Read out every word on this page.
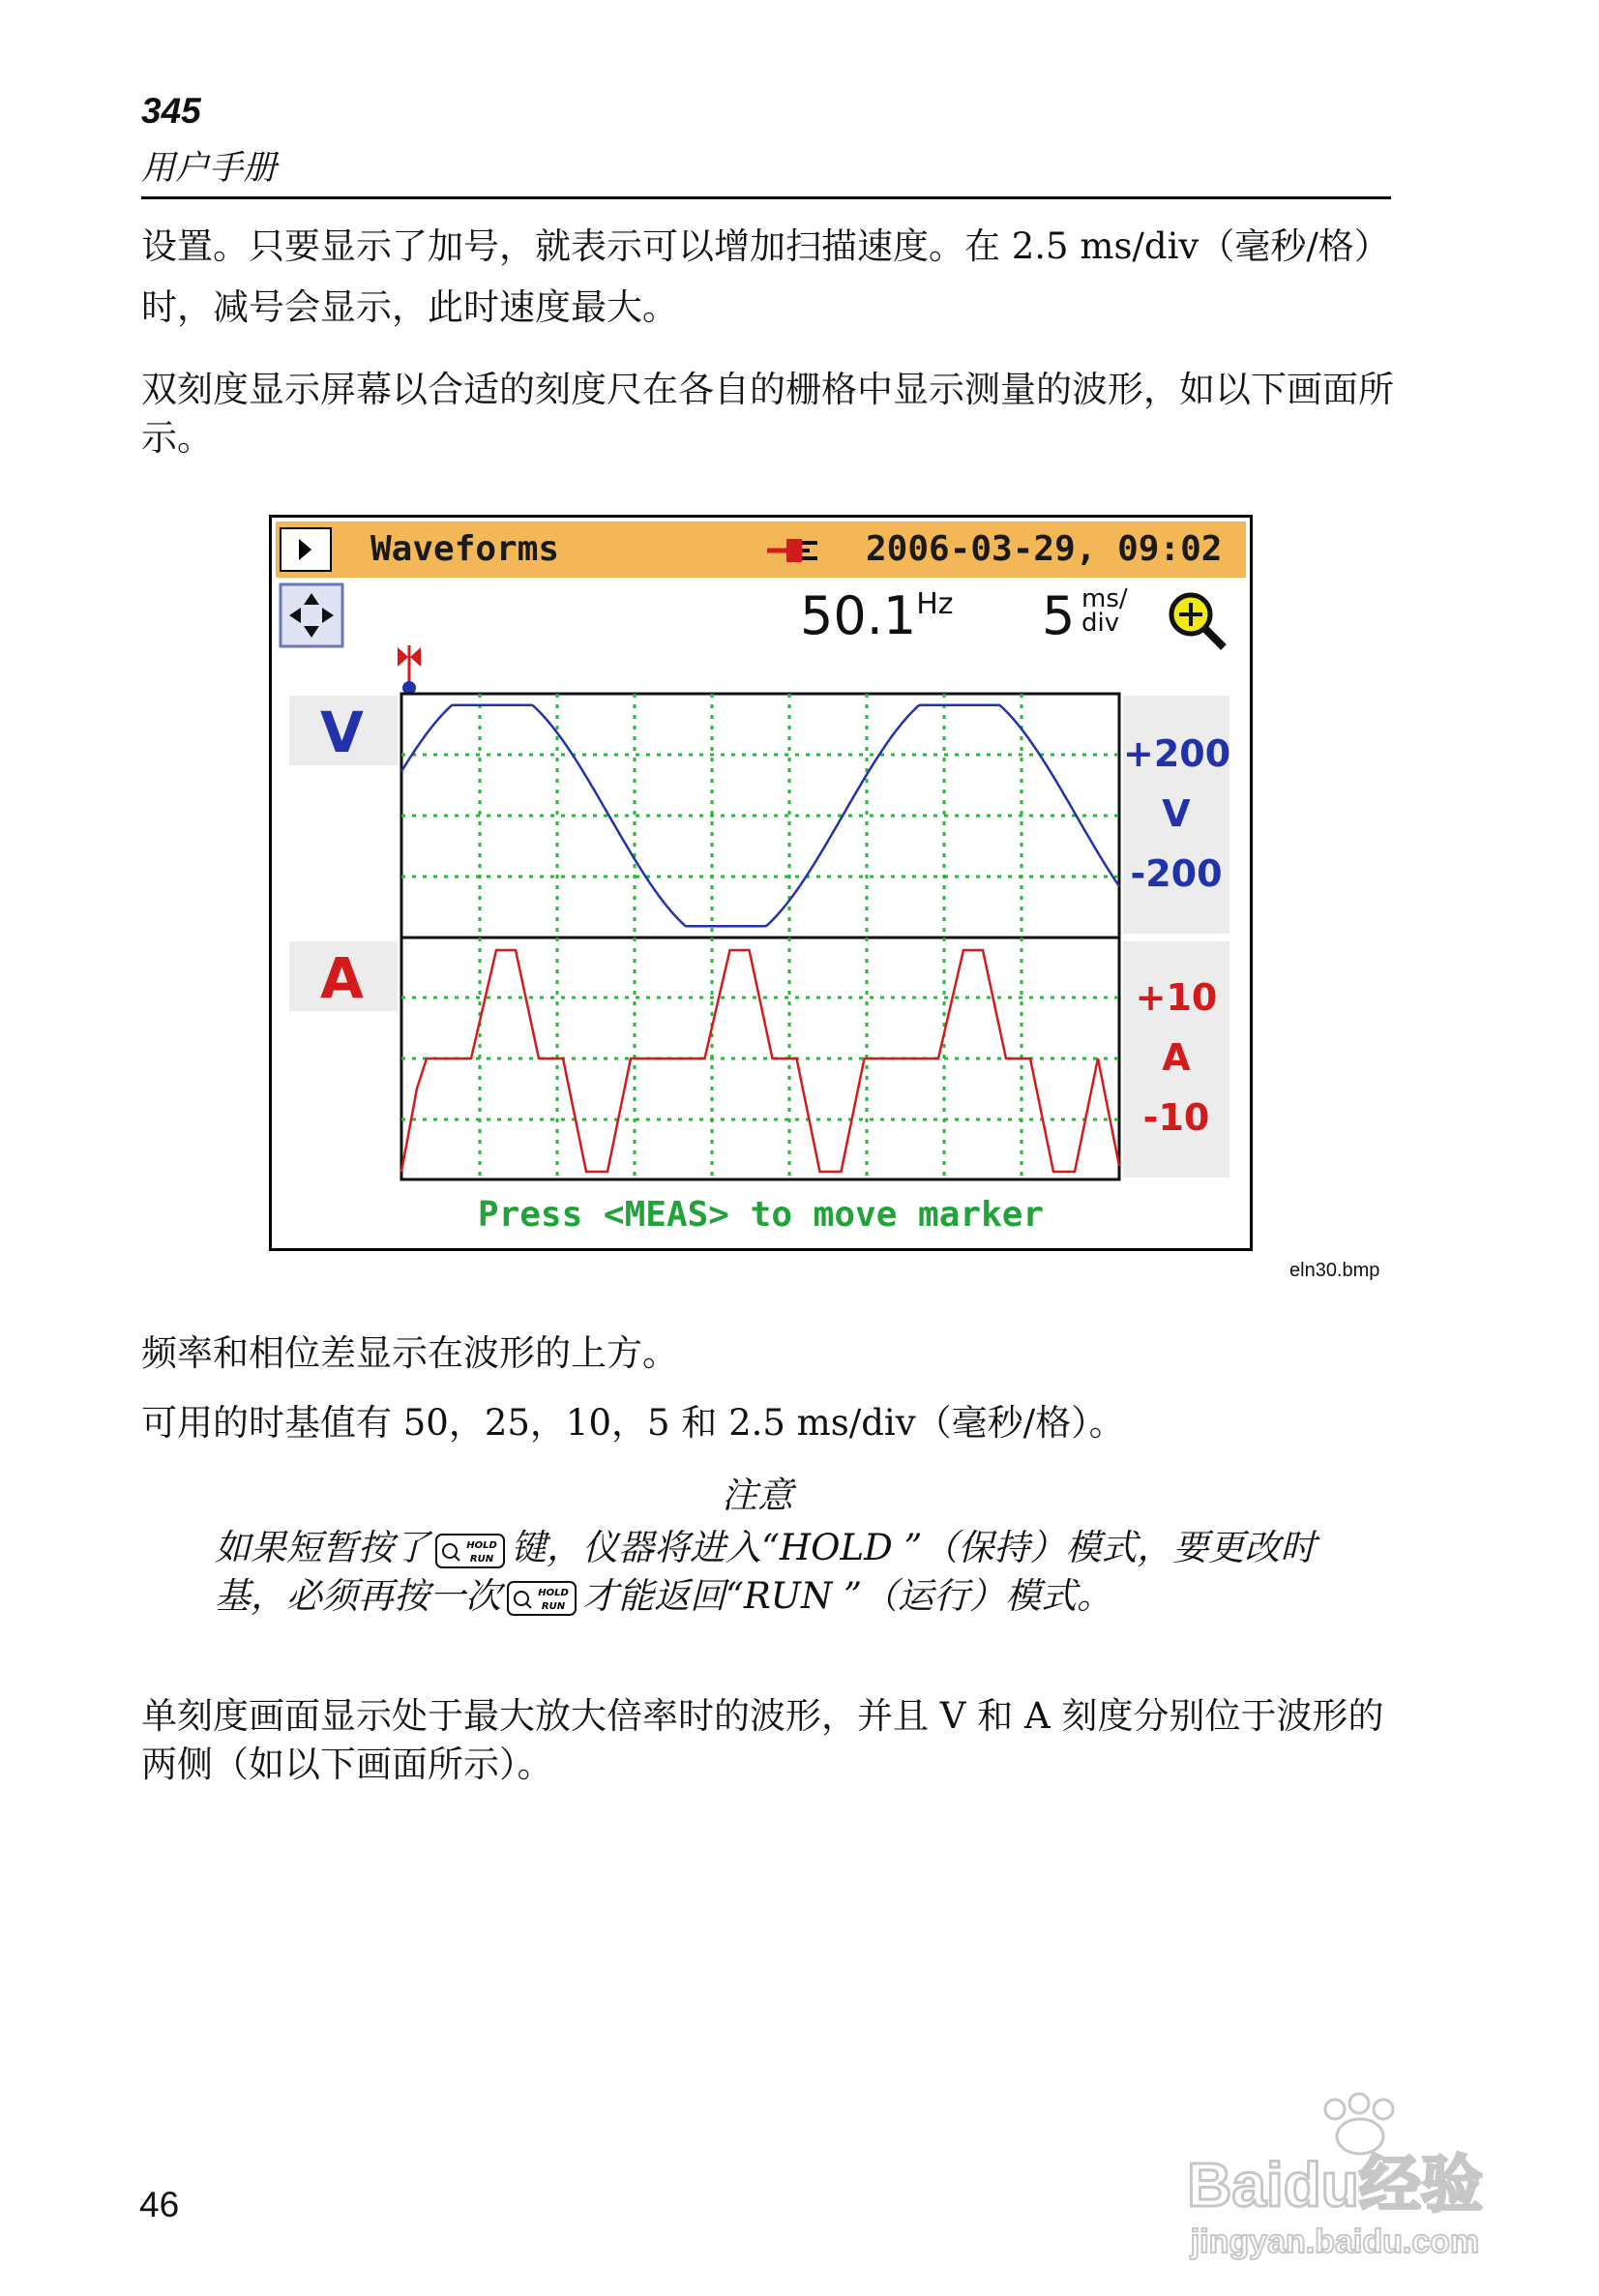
345
用户手册
设置。只要显示了加号，就表示可以增加扫描速度。在 2.5 ms/div（毫秒/格）时，减号会显示，此时速度最大。
双刻度显示屏幕以合适的刻度尺在各自的栅格中显示测量的波形，如以下画面所示。
Waveforms	2006-03-29, 09:02
$50.1^{Hz}$ 5 ms/
div
V
A
+200
V
-200
+10
A
-10
Press <MEAS> to move marker
eln30.bmp
频率和相位差显示在波形的上方。
可用的时基值有 50，25，10，5 和 2.5 ms/div（毫秒/格）。
注意
如果短暂按了	HOLD
RUN 键，仪器将进入“HOLD ”（保持）模式，要更改时基，必须再按一次	HOLD
RUN 才能返回“RUN ”（运行）模式。
单刻度画面显示处于最大放大倍率时的波形，并且 V 和 A 刻度分别位于波形的两侧（如以下画面所示）。
46	Baidu经验
jingyan.baidu.com
